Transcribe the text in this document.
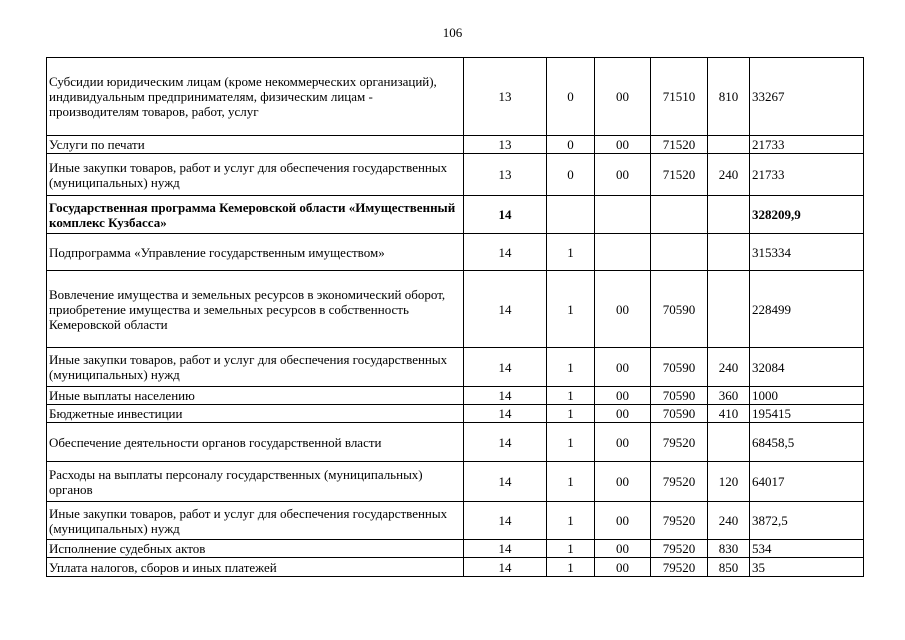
106
Субсидии юридическим лицам (кроме некоммерческих организаций), индивидуальным предпринимателям, физическим лицам - производителям товаров, работ, услуг	13	0	00	71510	810	33267
Услуги по печати	13	0	00	71520		21733
Иные закупки товаров, работ и услуг для обеспечения государственных (муниципальных) нужд	13	0	00	71520	240	21733
Государственная программа Кемеровской области «Имущественный комплекс Кузбасса»	14					328209,9
Подпрограмма «Управление государственным имуществом»	14	1				315334
Вовлечение имущества и земельных ресурсов в экономический оборот, приобретение имущества и земельных ресурсов в собственность Кемеровской области	14	1	00	70590		228499
Иные закупки товаров, работ и услуг для обеспечения государственных (муниципальных) нужд	14	1	00	70590	240	32084
Иные выплаты населению	14	1	00	70590	360	1000
Бюджетные инвестиции	14	1	00	70590	410	195415
Обеспечение деятельности органов государственной власти	14	1	00	79520		68458,5
Расходы на выплаты персоналу государственных (муниципальных) органов	14	1	00	79520	120	64017
Иные закупки товаров, работ и услуг для обеспечения государственных (муниципальных) нужд	14	1	00	79520	240	3872,5
Исполнение судебных актов	14	1	00	79520	830	534
Уплата налогов, сборов и иных платежей	14	1	00	79520	850	35
